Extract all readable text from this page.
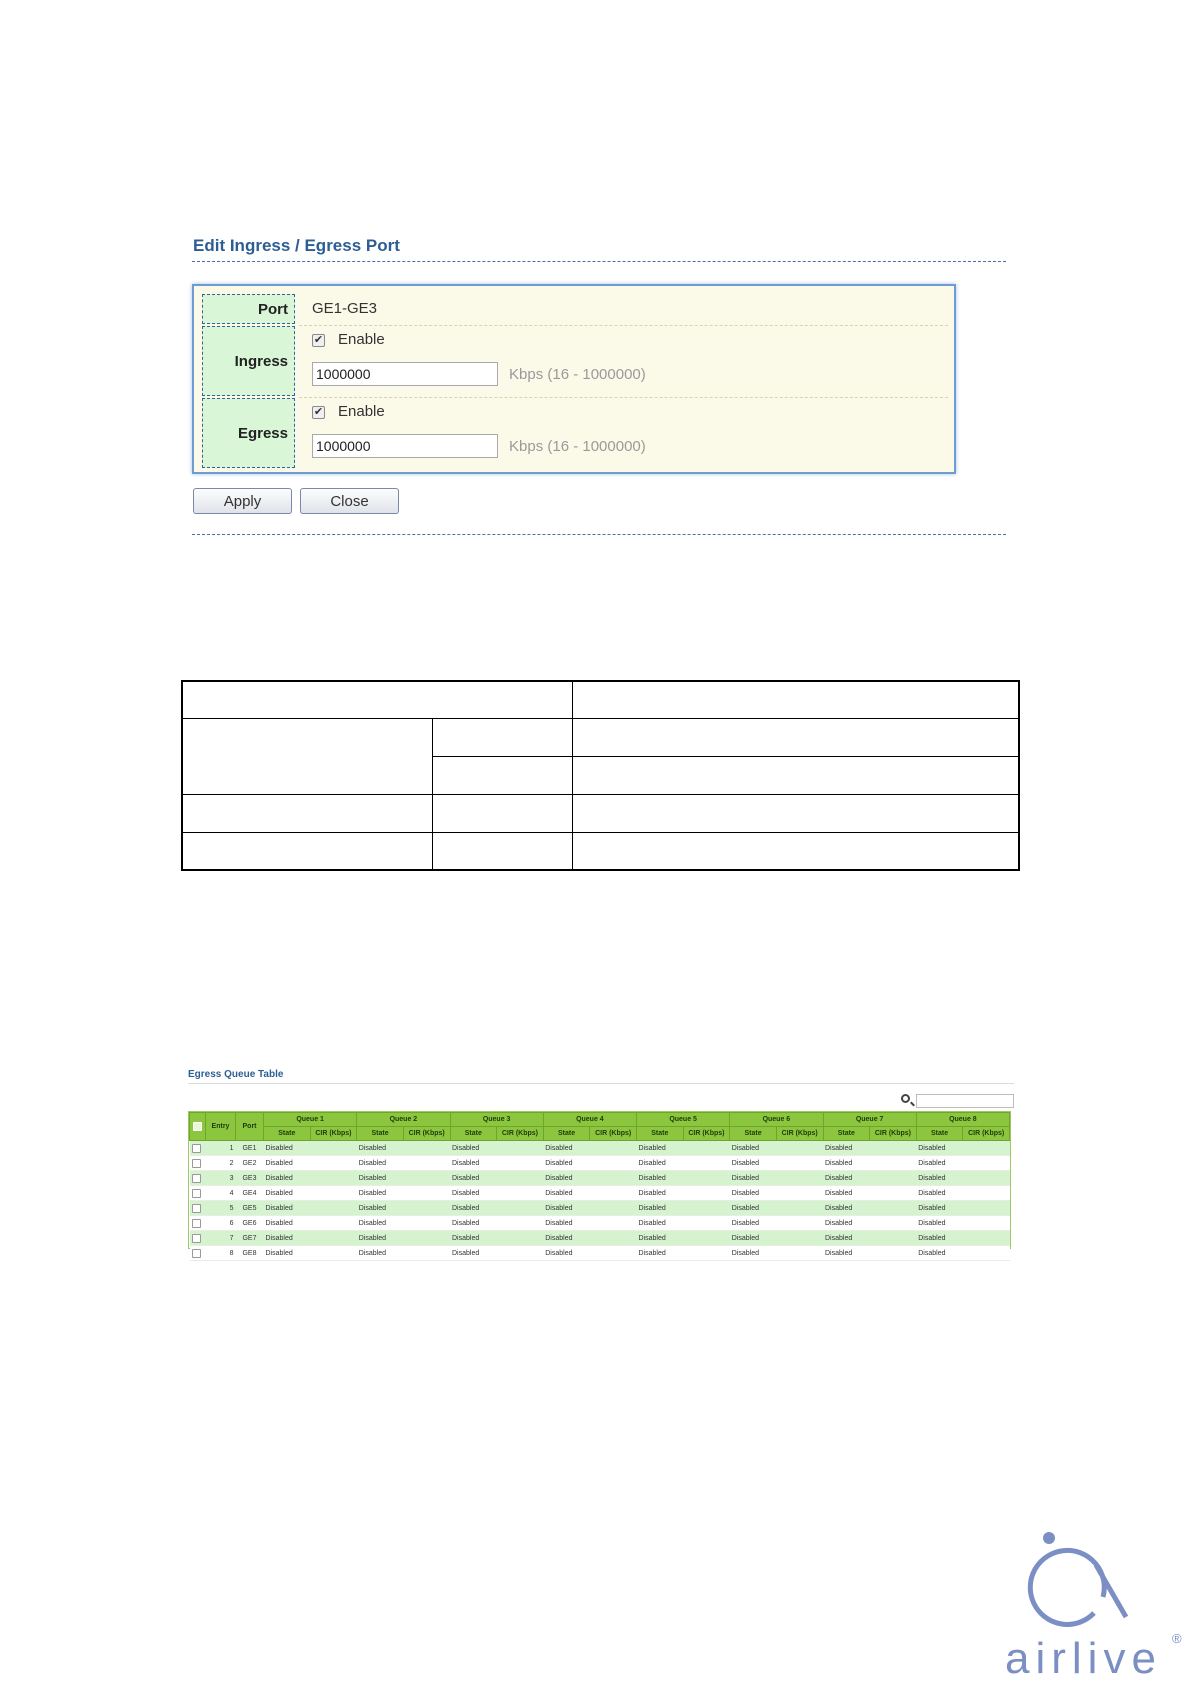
Edit Ingress / Egress Port
Port GE1-GE3
Ingress
✔ Enable
1000000
Kbps (16 - 1000000)
Egress
✔ Enable
1000000
Kbps (16 - 1000000)
Apply	Close
Egress Queue Table
	Entry	Port	Queue 1		Queue 2		Queue 3		Queue 4		Queue 5		Queue 6		Queue 7		Queue 8	
			State	CIR (Kbps)	State	CIR (Kbps)	State	CIR (Kbps)	State	CIR (Kbps)	State	CIR (Kbps)	State	CIR (Kbps)	State	CIR (Kbps)	State	CIR (Kbps)
	1	GE1	Disabled		Disabled		Disabled		Disabled		Disabled		Disabled		Disabled		Disabled	
	2	GE2	Disabled		Disabled		Disabled		Disabled		Disabled		Disabled		Disabled		Disabled	
	3	GE3	Disabled		Disabled		Disabled		Disabled		Disabled		Disabled		Disabled		Disabled	
	4	GE4	Disabled		Disabled		Disabled		Disabled		Disabled		Disabled		Disabled		Disabled	
	5	GE5	Disabled		Disabled		Disabled		Disabled		Disabled		Disabled		Disabled		Disabled	
	6	GE6	Disabled		Disabled		Disabled		Disabled		Disabled		Disabled		Disabled		Disabled	
	7	GE7	Disabled		Disabled		Disabled		Disabled		Disabled		Disabled		Disabled		Disabled	
	8	GE8	Disabled		Disabled		Disabled		Disabled		Disabled		Disabled		Disabled		Disabled	
airlive ®
